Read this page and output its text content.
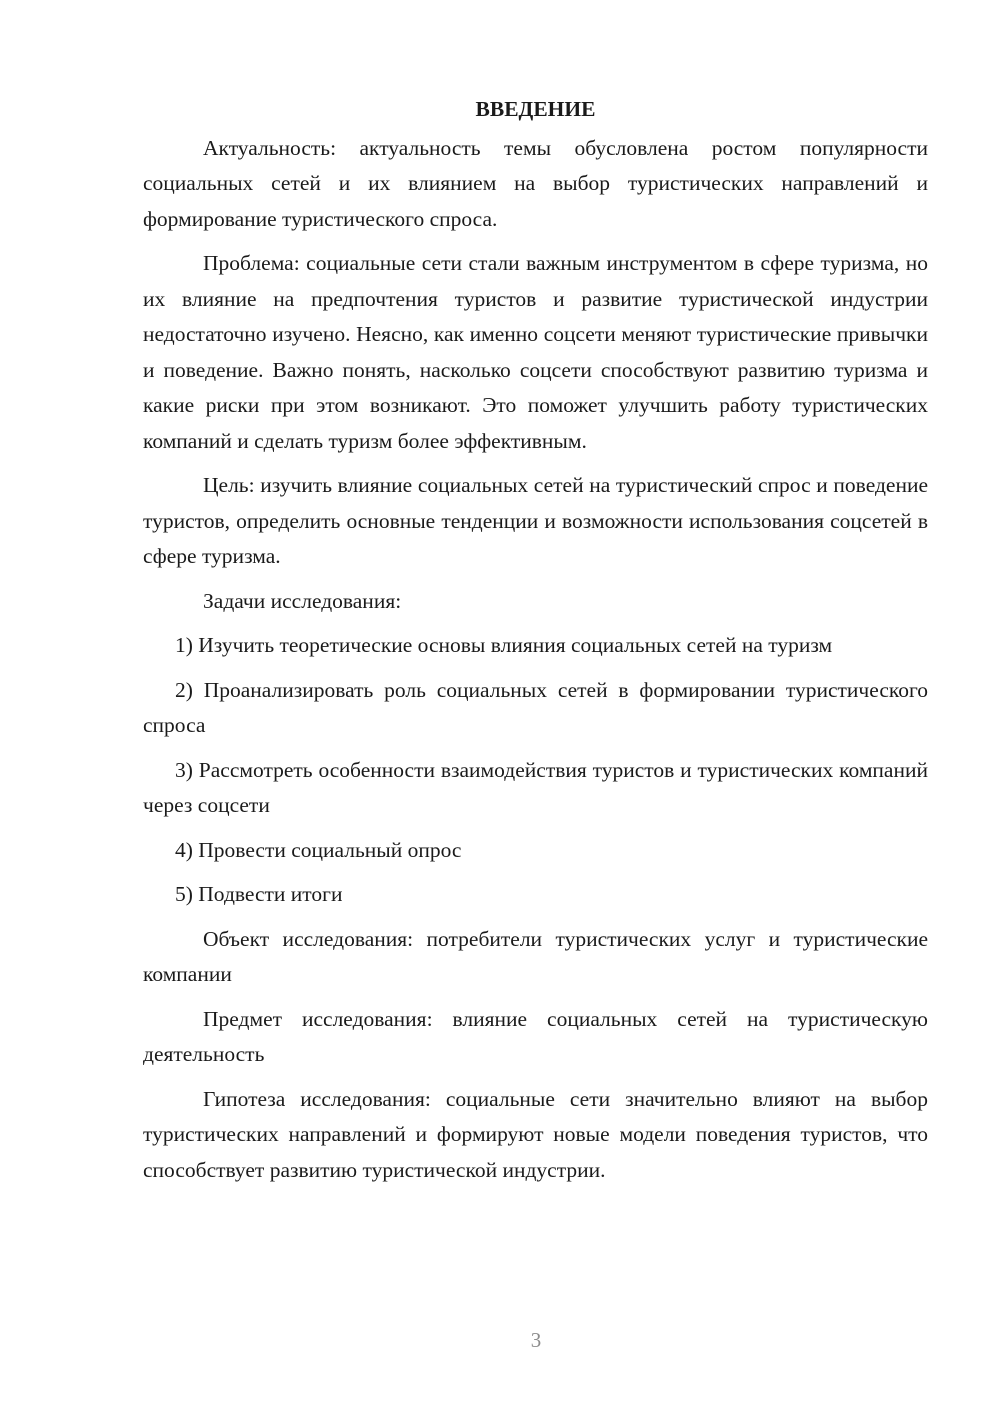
ВВЕДЕНИЕ

Актуальность: актуальность темы обусловлена ростом популярности социальных сетей и их влиянием на выбор туристических направлений и формирование туристического спроса.

Проблема: социальные сети стали важным инструментом в сфере туризма, но их влияние на предпочтения туристов и развитие туристической индустрии недостаточно изучено. Неясно, как именно соцсети меняют туристические привычки и поведение. Важно понять, насколько соцсети способствуют развитию туризма и какие риски при этом возникают. Это поможет улучшить работу туристических компаний и сделать туризм более эффективным.

Цель: изучить влияние социальных сетей на туристический спрос и поведение туристов, определить основные тенденции и возможности использования соцсетей в сфере туризма.

Задачи исследования:

1) Изучить теоретические основы влияния социальных сетей на туризм

2) Проанализировать роль социальных сетей в формировании туристического спроса

3) Рассмотреть особенности взаимодействия туристов и туристических компаний через соцсети

4) Провести социальный опрос

5) Подвести итоги

Объект исследования: потребители туристических услуг и туристические компании

Предмет исследования: влияние социальных сетей на туристическую деятельность

Гипотеза исследования: социальные сети значительно влияют на выбор туристических направлений и формируют новые модели поведения туристов, что способствует развитию туристической индустрии.

3
